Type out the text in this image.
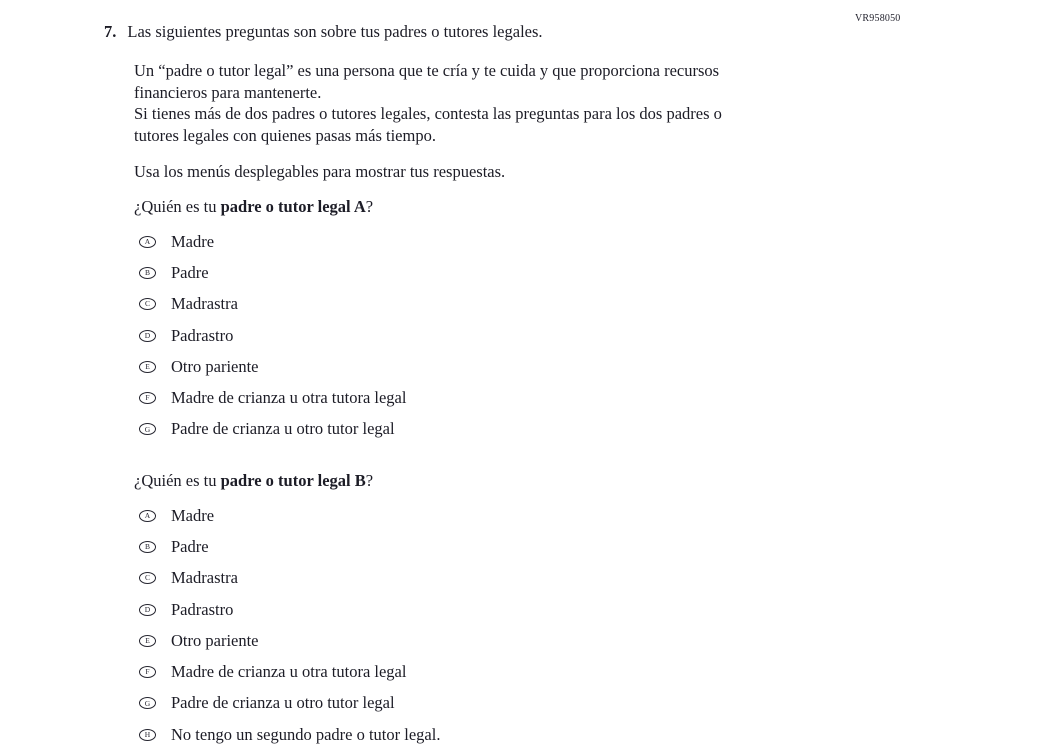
VR958050
7. Las siguientes preguntas son sobre tus padres o tutores legales.
Un “padre o tutor legal” es una persona que te cría y te cuida y que proporciona recursos
financieros para mantenerte.
Si tienes más de dos padres o tutores legales, contesta las preguntas para los dos padres o
tutores legales con quienes pasas más tiempo.
Usa los menús desplegables para mostrar tus respuestas.
¿Quién es tu padre o tutor legal A?
A	Madre
B	Padre
C	Madrastra
D	Padrastro
E	Otro pariente
F	Madre de crianza u otra tutora legal
G	Padre de crianza u otro tutor legal
¿Quién es tu padre o tutor legal B?
A	Madre
B	Padre
C	Madrastra
D	Padrastro
E	Otro pariente
F	Madre de crianza u otra tutora legal
G	Padre de crianza u otro tutor legal
H	No tengo un segundo padre o tutor legal.
